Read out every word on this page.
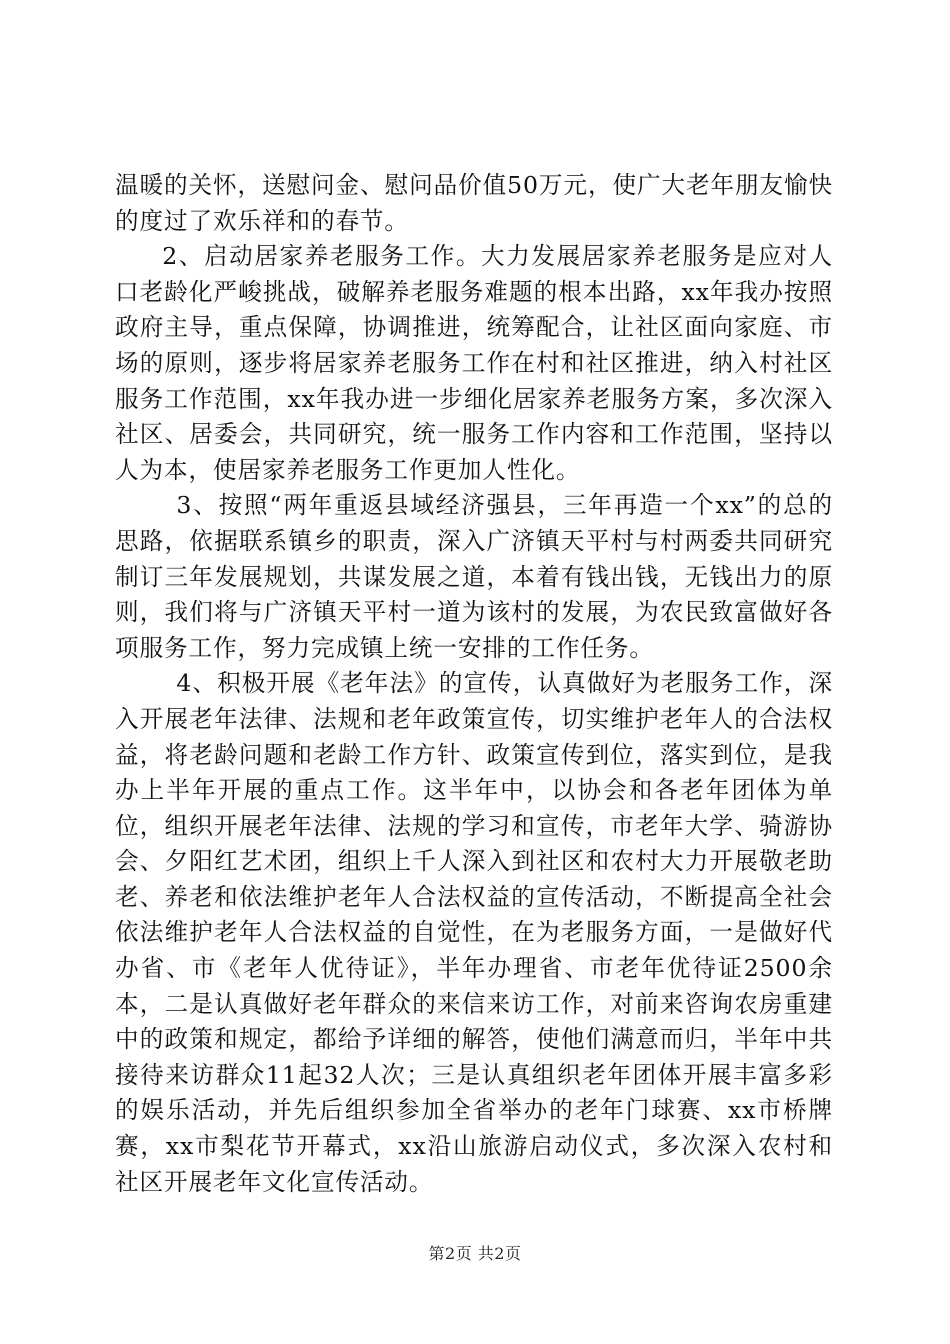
温暖的关怀，送慰问金、慰问品价值50万元，使广大老年朋友愉快的度过了欢乐祥和的春节。

2、启动居家养老服务工作。大力发展居家养老服务是应对人口老龄化严峻挑战，破解养老服务难题的根本出路，xx年我办按照政府主导，重点保障，协调推进，统筹配合，让社区面向家庭、市场的原则，逐步将居家养老服务工作在村和社区推进，纳入村社区服务工作范围，xx年我办进一步细化居家养老服务方案，多次深入社区、居委会，共同研究，统一服务工作内容和工作范围，坚持以人为本，使居家养老服务工作更加人性化。

3、按照“两年重返县域经济强县，三年再造一个xx”的总的思路，依据联系镇乡的职责，深入广济镇天平村与村两委共同研究制订三年发展规划，共谋发展之道，本着有钱出钱，无钱出力的原则，我们将与广济镇天平村一道为该村的发展，为农民致富做好各项服务工作，努力完成镇上统一安排的工作任务。

4、积极开展《老年法》的宣传，认真做好为老服务工作，深入开展老年法律、法规和老年政策宣传，切实维护老年人的合法权益，将老龄问题和老龄工作方针、政策宣传到位，落实到位，是我办上半年开展的重点工作。这半年中，以协会和各老年团体为单位，组织开展老年法律、法规的学习和宣传，市老年大学、骑游协会、夕阳红艺术团，组织上千人深入到社区和农村大力开展敬老助老、养老和依法维护老年人合法权益的宣传活动，不断提高全社会依法维护老年人合法权益的自觉性，在为老服务方面，一是做好代办省、市《老年人优待证》，半年办理省、市老年优待证2500余本，二是认真做好老年群众的来信来访工作，对前来咨询农房重建中的政策和规定，都给予详细的解答，使他们满意而归，半年中共接待来访群众11起32人次；三是认真组织老年团体开展丰富多彩的娱乐活动，并先后组织参加全省举办的老年门球赛、xx市桥牌赛，xx市梨花节开幕式，xx沿山旅游启动仪式，多次深入农村和社区开展老年文化宣传活动。

第2页 共2页
